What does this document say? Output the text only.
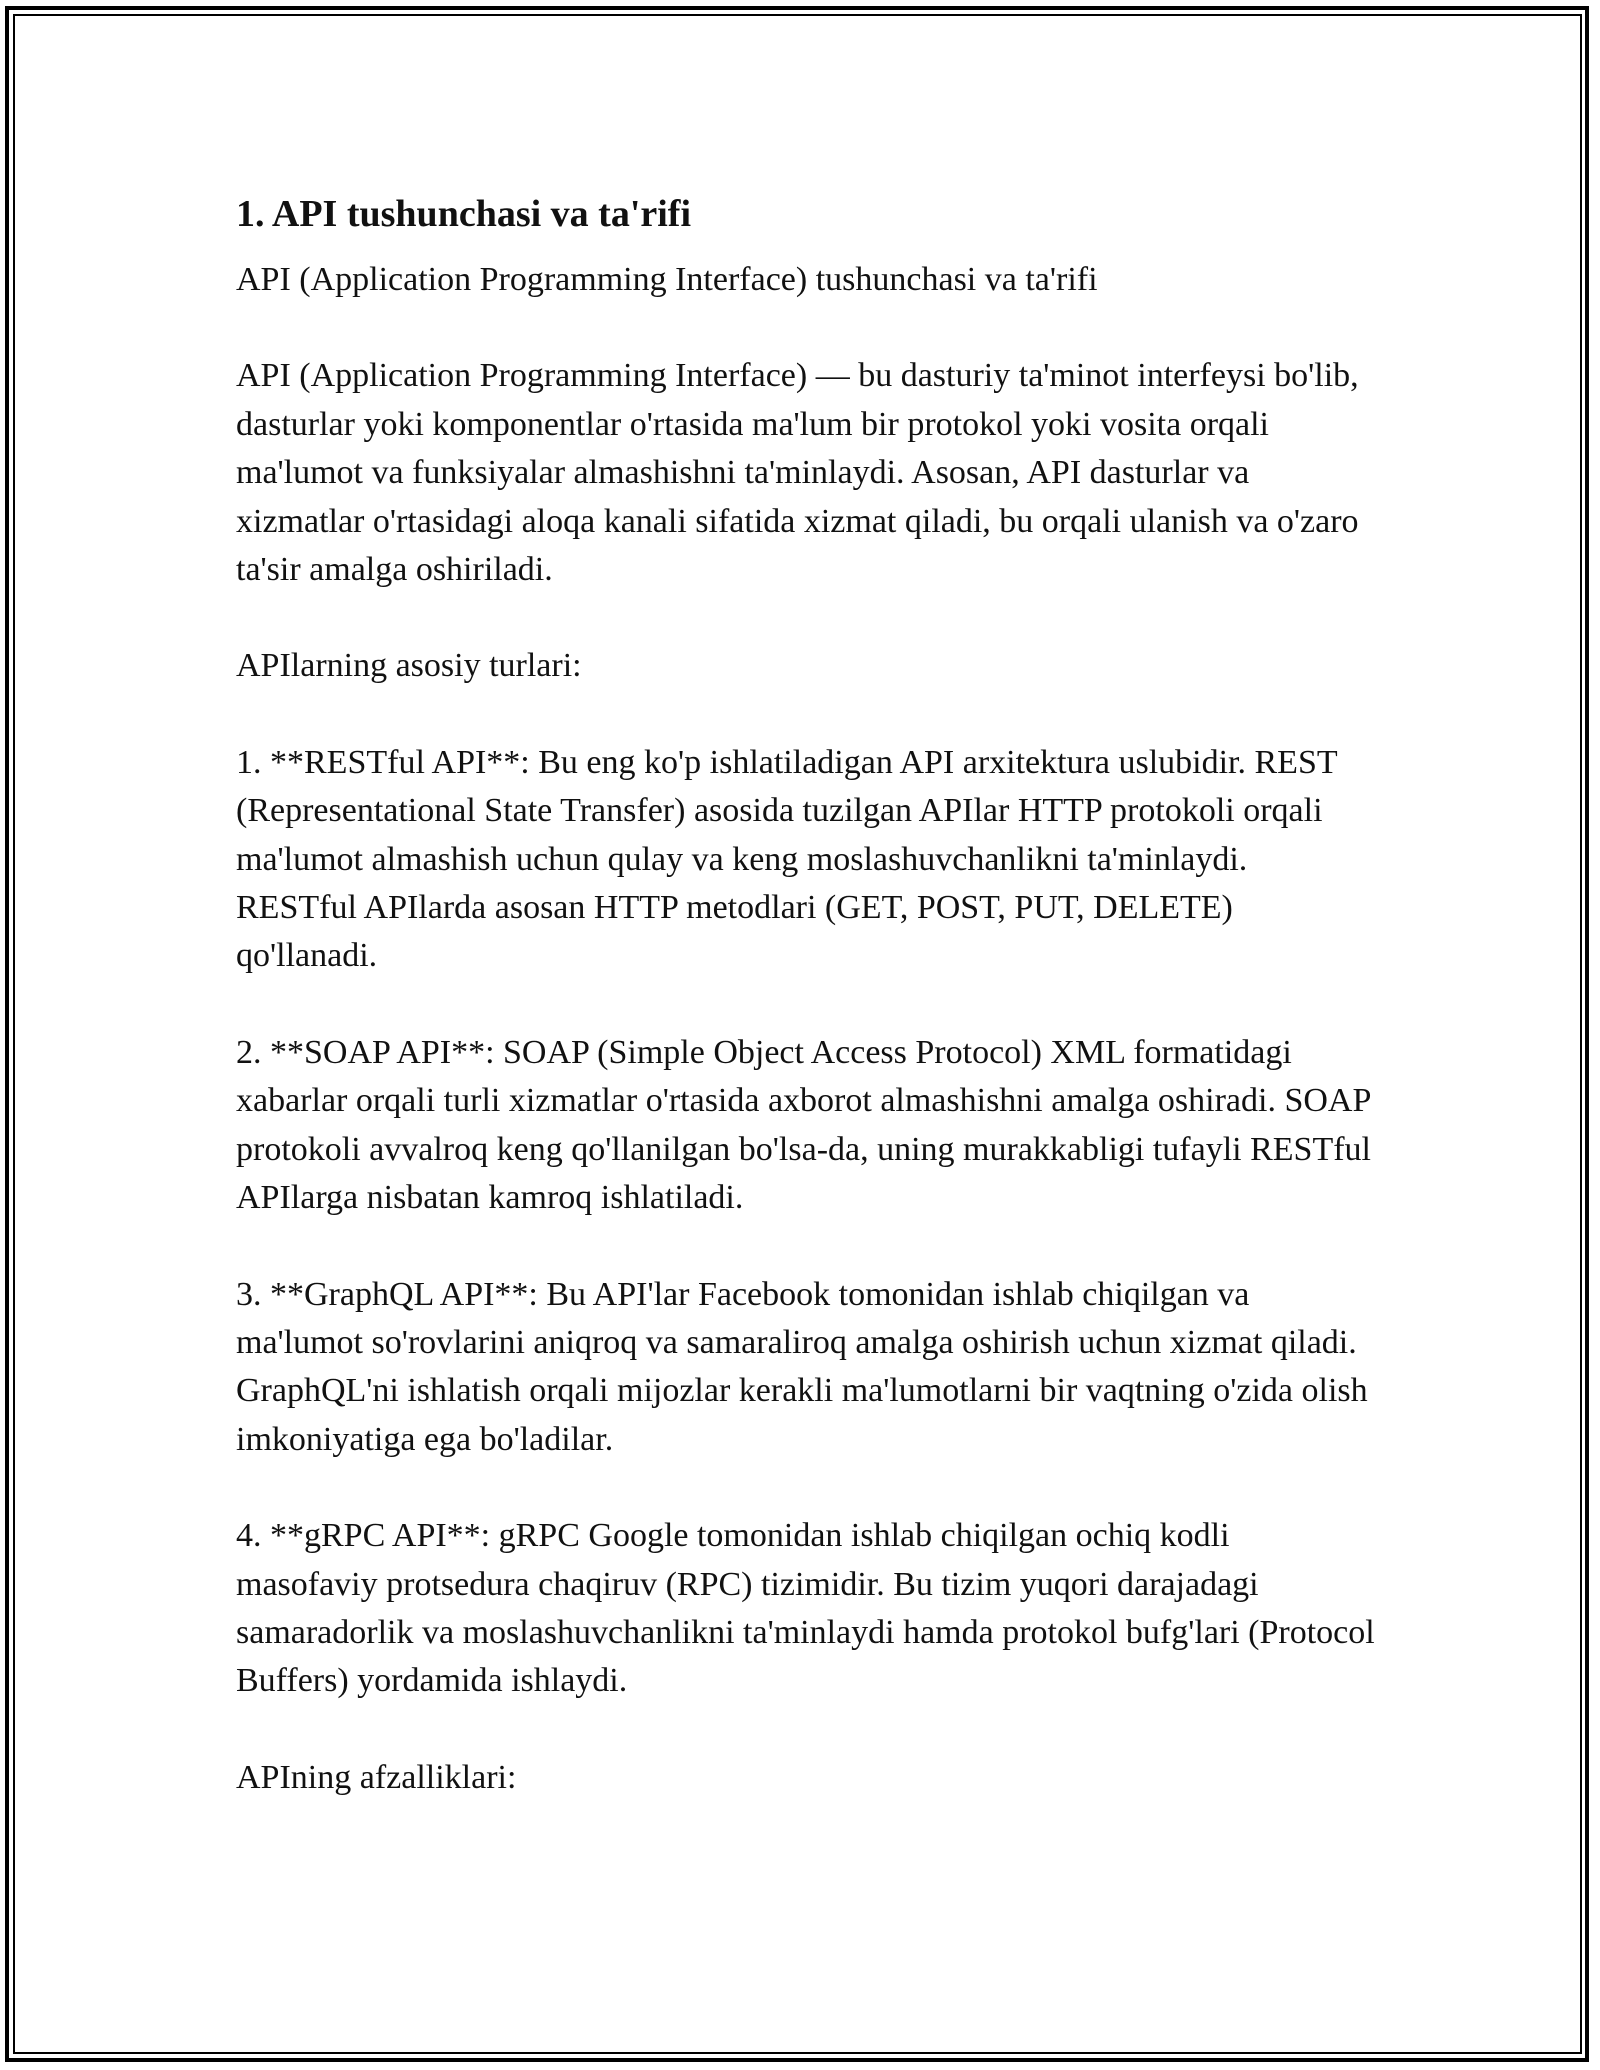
1. API tushunchasi va ta'rifi

API (Application Programming Interface) tushunchasi va ta'rifi

API (Application Programming Interface) — bu dasturiy ta'minot interfeysi bo'lib, dasturlar yoki komponentlar o'rtasida ma'lum bir protokol yoki vosita orqali ma'lumot va funksiyalar almashishni ta'minlaydi. Asosan, API dasturlar va xizmatlar o'rtasidagi aloqa kanali sifatida xizmat qiladi, bu orqali ulanish va o'zaro ta'sir amalga oshiriladi.

APIlarning asosiy turlari:

1. **RESTful API**: Bu eng ko'p ishlatiladigan API arxitektura uslubidir. REST (Representational State Transfer) asosida tuzilgan APIlar HTTP protokoli orqali ma'lumot almashish uchun qulay va keng moslashuvchanlikni ta'minlaydi. RESTful APIlarda asosan HTTP metodlari (GET, POST, PUT, DELETE) qo'llanadi.

2. **SOAP API**: SOAP (Simple Object Access Protocol) XML formatidagi xabarlar orqali turli xizmatlar o'rtasida axborot almashishni amalga oshiradi. SOAP protokoli avvalroq keng qo'llanilgan bo'lsa-da, uning murakkabligi tufayli RESTful APIlarga nisbatan kamroq ishlatiladi.

3. **GraphQL API**: Bu API'lar Facebook tomonidan ishlab chiqilgan va ma'lumot so'rovlarini aniqroq va samaraliroq amalga oshirish uchun xizmat qiladi. GraphQL'ni ishlatish orqali mijozlar kerakli ma'lumotlarni bir vaqtning o'zida olish imkoniyatiga ega bo'ladilar.

4. **gRPC API**: gRPC Google tomonidan ishlab chiqilgan ochiq kodli masofaviy protsedura chaqiruv (RPC) tizimidir. Bu tizim yuqori darajadagi samaradorlik va moslashuvchanlikni ta'minlaydi hamda protokol bufg'lari (Protocol Buffers) yordamida ishlaydi.

APIning afzalliklari:
